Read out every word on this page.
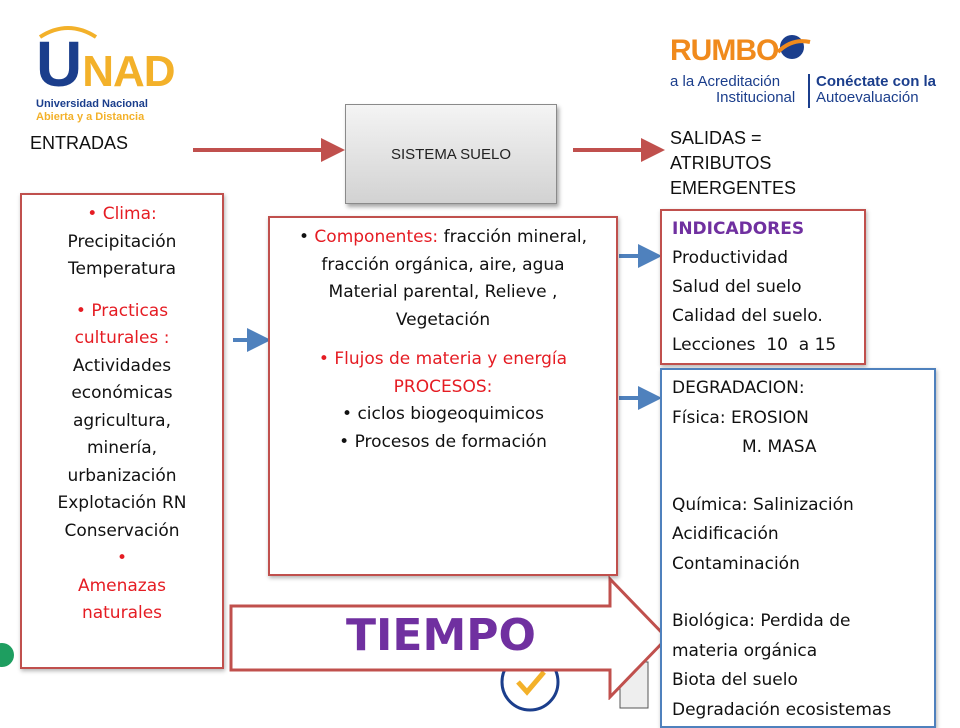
UNAD
Universidad Nacional
Abierta y a Distancia
RUMBO
a la Acreditación
Institucional
Conéctate con la
Autoevaluación
ENTRADAS
SISTEMA SUELO
SALIDAS =
ATRIBUTOS
EMERGENTES
TIEMPO
• Clima:
Precipitación
Temperatura
• Practicas culturales :
Actividades económicas
agricultura,
minería,
urbanización
Explotación RN
Conservación
• Amenazas naturales
• Componentes: fracción mineral, fracción orgánica, aire, agua
Material parental, Relieve , Vegetación
• Flujos de materia y energía
PROCESOS:
• ciclos biogeoquimicos
• Procesos de formación
INDICADORES
Productividad
Salud del suelo
Calidad del suelo.
Lecciones  10  a 15
DEGRADACION:
Física: EROSION
M. MASA
Química: Salinización
Acidificación
Contaminación
Biológica: Perdida de materia orgánica
Biota del suelo
Degradación ecosistemas
